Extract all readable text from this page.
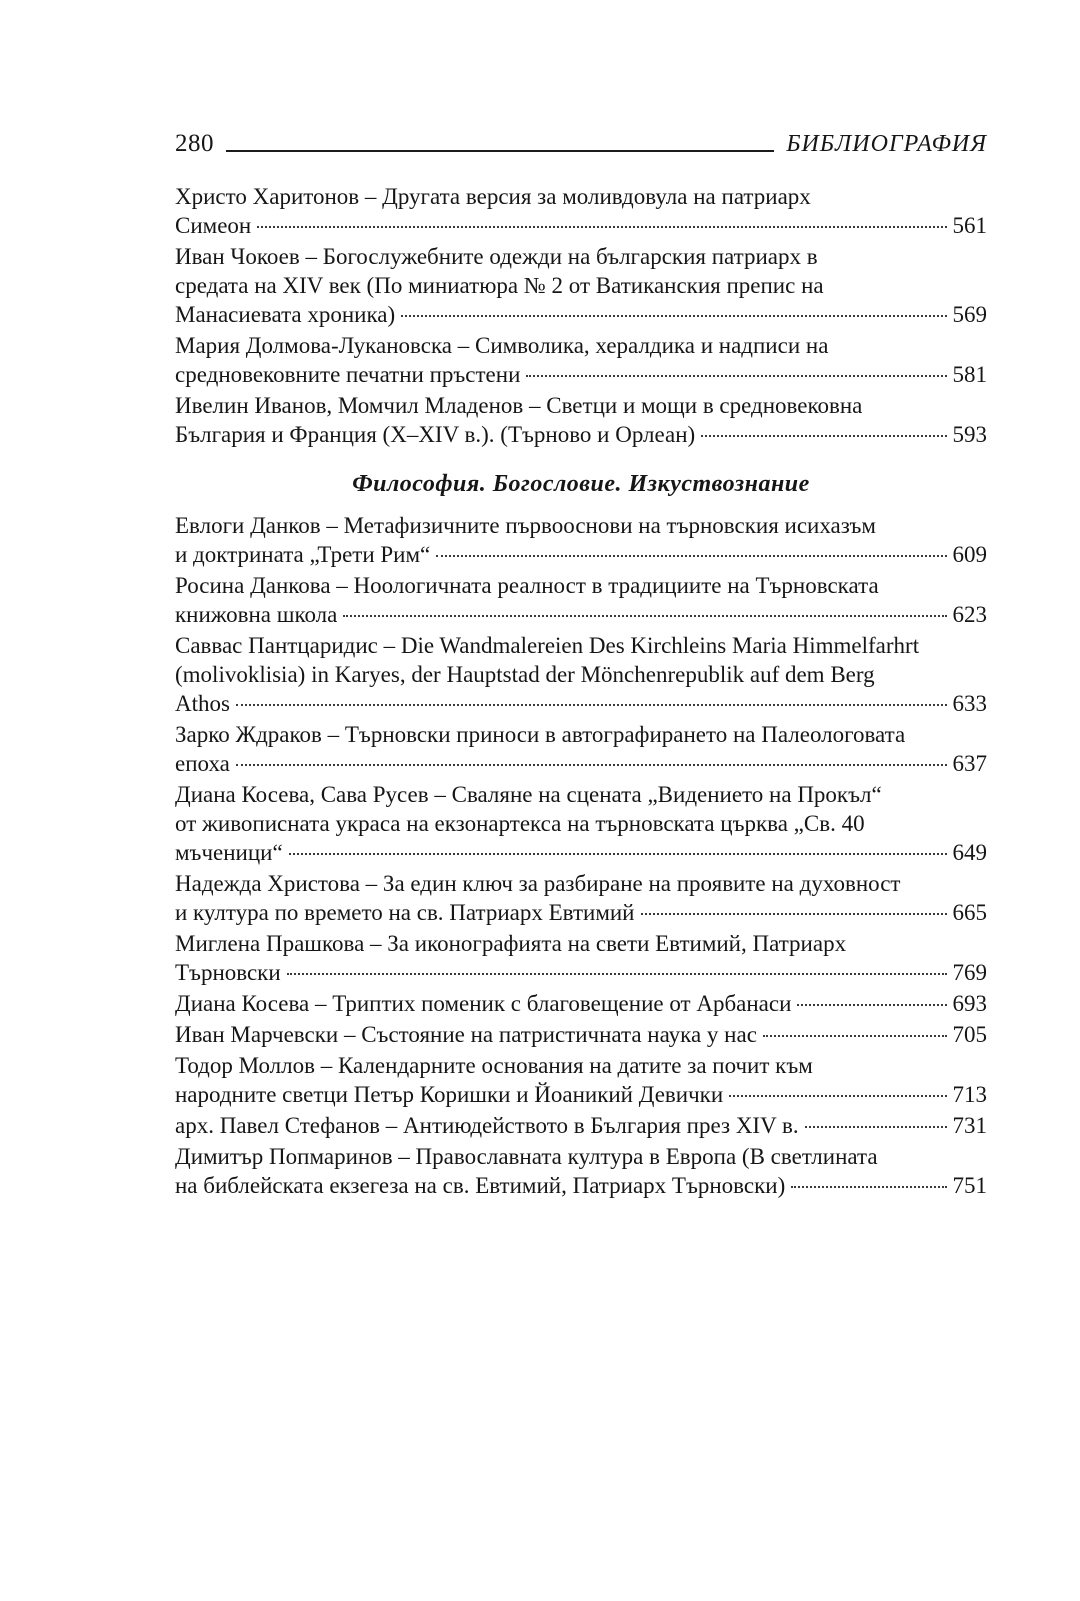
280	БИБЛИОГРАФИЯ
Христо Харитонов – Другата версия за моливдовула на патриарх
Симеон	561
Иван Чокоев – Богослужебните одежди на българския патриарх в
средата на XIV век (По миниатюра № 2 от Ватиканския препис на
Манасиевата хроника)	569
Мария Долмова-Лукановска – Символика, хералдика и надписи на
средновековните печатни пръстени	581
Ивелин Иванов, Момчил Младенов – Светци и мощи в средновековна
България и Франция (X–XIV в.). (Търново и Орлеан)	593
Философия. Богословие. Изкуствознание
Евлоги Данков – Метафизичните първооснови на търновския исихазъм
и доктрината „Трети Рим“	609
Росина Данкова – Ноологичната реалност в традициите на Търновската
книжовна школа	623
Саввас Пантцаридис – Die Wandmalereien Des Kirchleins Maria Himmelfarhrt
(molivoklisia) in Karyes, der Hauptstad der Mönchenrepublik auf dem Berg
Athos	633
Зарко Ждраков – Търновски приноси в автографирането на Палеологовата
епоха	637
Диана Косева, Сава Русев – Сваляне на сцената „Видението на Прокъл“
от живописната украса на екзонартекса на търновската църква „Св. 40
мъченици“	649
Надежда Христова – За един ключ за разбиране на проявите на духовност
и култура по времето на св. Патриарх Евтимий	665
Миглена Прашкова – За иконографията на свети Евтимий, Патриарх
Търновски	769
Диана Косева – Триптих поменик с благовещение от Арбанаси	693
Иван Марчевски – Състояние на патристичната наука у нас	705
Тодор Моллов – Календарните основания на датите за почит към
народните светци Петър Коришки и Йоаникий Девички	713
арх. Павел Стефанов – Антиюдейството в България през XIV в.	731
Димитър Попмаринов – Православната култура в Европа (В светлината
на библейската екзегеза на св. Евтимий, Патриарх Търновски)	751
